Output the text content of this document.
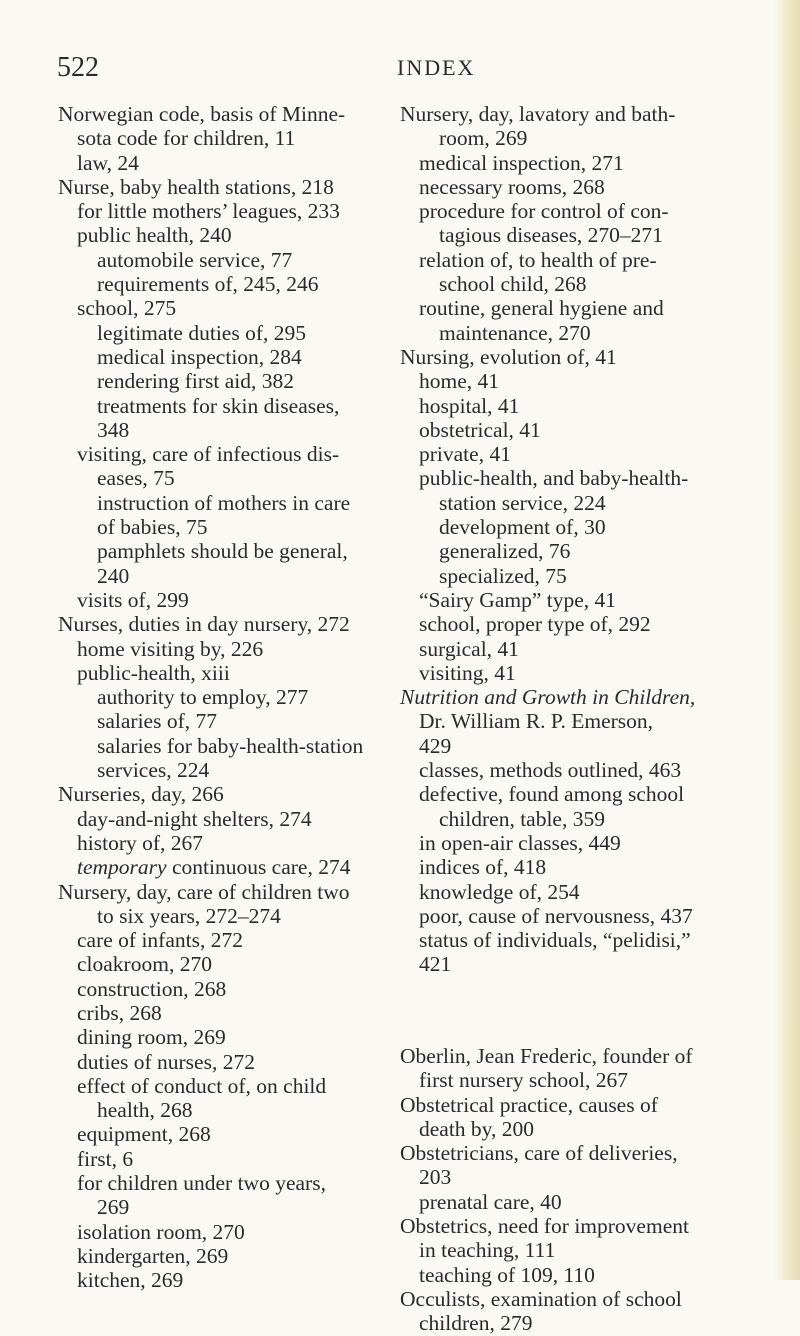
522	INDEX

Norwegian code, basis of Minne-

sota code for children, 11

law, 24

Nurse, baby health stations, 218

for little mothers’ leagues, 233

public health, 240

automobile service, 77

requirements of, 245, 246

school, 275

legitimate duties of, 295

medical inspection, 284

rendering first aid, 382

treatments for skin diseases,

348

visiting, care of infectious dis-

eases, 75

instruction of mothers in care

of babies, 75

pamphlets should be general,

240

visits of, 299

Nurses, duties in day nursery, 272

home visiting by, 226

public-health, xiii

authority to employ, 277

salaries of, 77

salaries for baby-health-station

services, 224

Nurseries, day, 266

day-and-night shelters, 274

history of, 267

temporary continuous care, 274

Nursery, day, care of children two

to six years, 272–274

care of infants, 272

cloakroom, 270

construction, 268

cribs, 268

dining room, 269

duties of nurses, 272

effect of conduct of, on child

health, 268

equipment, 268

first, 6

for children under two years,

269

isolation room, 270

kindergarten, 269

kitchen, 269

Nursery, day, lavatory and bath-

room, 269

medical inspection, 271

necessary rooms, 268

procedure for control of con-

tagious diseases, 270–271

relation of, to health of pre-

school child, 268

routine, general hygiene and

maintenance, 270

Nursing, evolution of, 41

home, 41

hospital, 41

obstetrical, 41

private, 41

public-health, and baby-health-

station service, 224

development of, 30

generalized, 76

specialized, 75

“Sairy Gamp” type, 41

school, proper type of, 292

surgical, 41

visiting, 41

Nutrition and Growth in Children,

Dr. William R. P. Emerson,

429

classes, methods outlined, 463

defective, found among school

children, table, 359

in open-air classes, 449

indices of, 418

knowledge of, 254

poor, cause of nervousness, 437

status of individuals, “pelidisi,”

421

Oberlin, Jean Frederic, founder of

first nursery school, 267

Obstetrical practice, causes of

death by, 200

Obstetricians, care of deliveries,

203

prenatal care, 40

Obstetrics, need for improvement

in teaching, 111

teaching of 109, 110

Occulists, examination of school

children, 279
